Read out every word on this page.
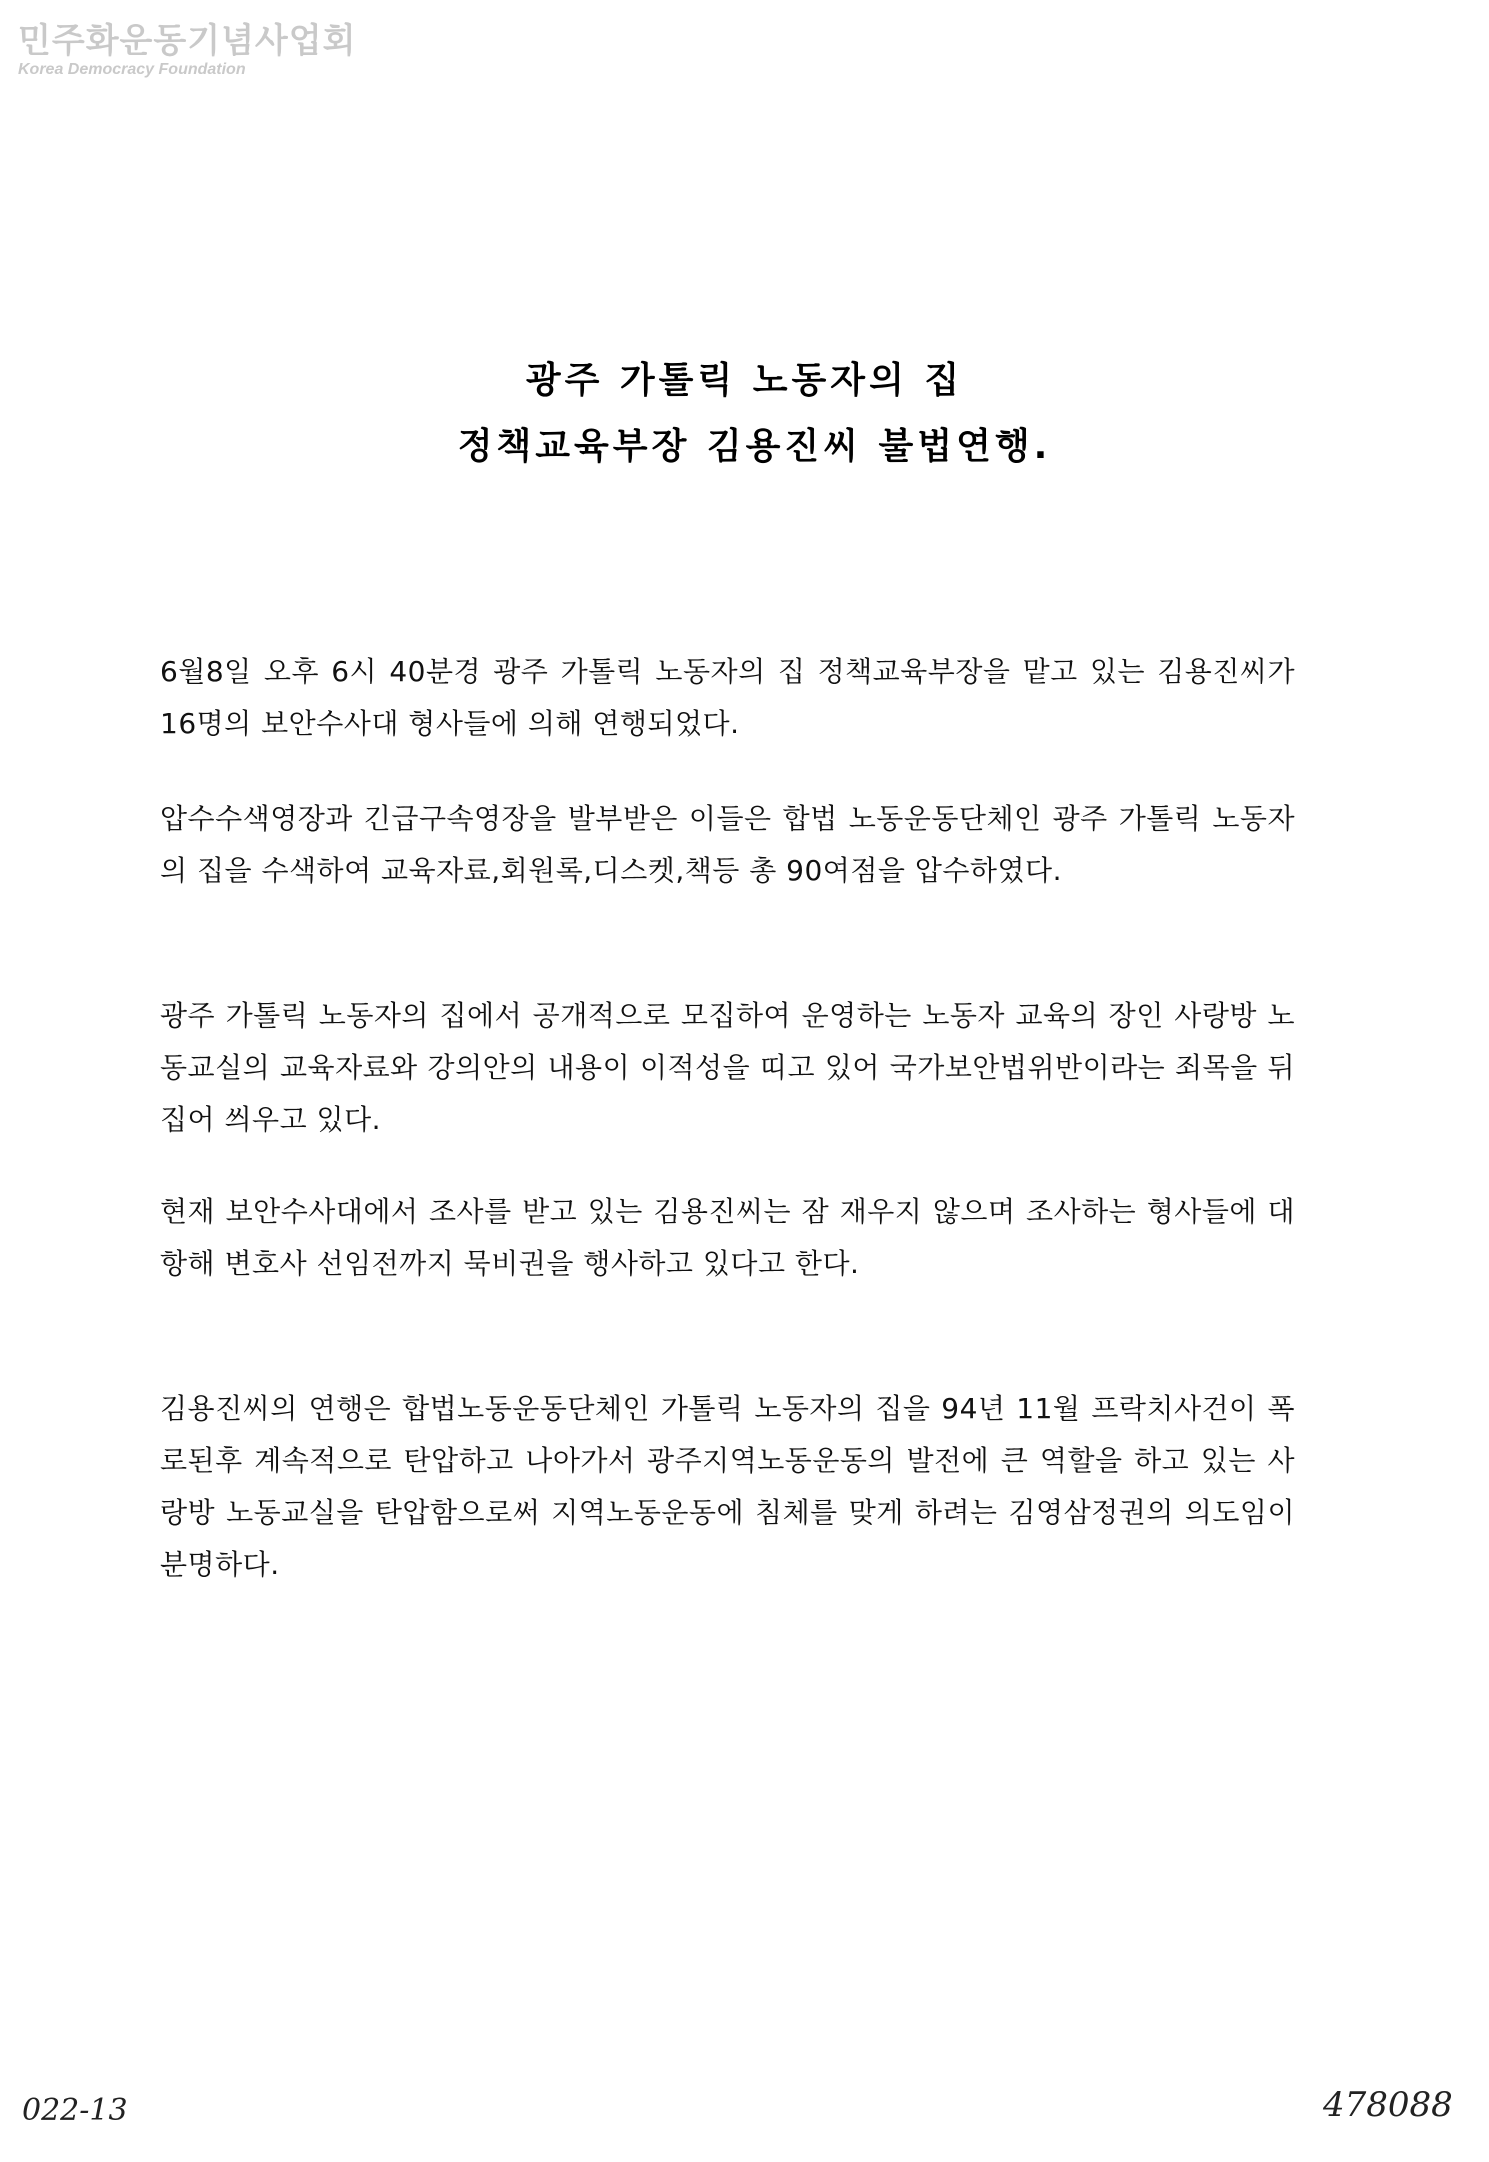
민주화운동기념사업회
Korea Democracy Foundation
광주 가톨릭 노동자의 집
정책교육부장 김용진씨 불법연행.
6월8일 오후 6시 40분경 광주 가톨릭 노동자의 집 정책교육부장을 맡고 있는 김용진씨가 16명의 보안수사대 형사들에 의해 연행되었다.
압수수색영장과 긴급구속영장을 발부받은 이들은 합법 노동운동단체인 광주 가톨릭 노동자의 집을 수색하여 교육자료,회원록,디스켓,책등 총 90여점을 압수하였다.
광주 가톨릭 노동자의 집에서 공개적으로 모집하여 운영하는 노동자 교육의 장인 사랑방 노동교실의 교육자료와 강의안의 내용이 이적성을 띠고 있어 국가보안법위반이라는 죄목을 뒤집어 씌우고 있다.
현재 보안수사대에서 조사를 받고 있는 김용진씨는 잠 재우지 않으며 조사하는 형사들에 대항해 변호사 선임전까지 묵비권을 행사하고 있다고 한다.
김용진씨의 연행은 합법노동운동단체인 가톨릭 노동자의 집을 94년 11월 프락치사건이 폭로된후 계속적으로 탄압하고 나아가서 광주지역노동운동의 발전에 큰 역할을 하고 있는 사랑방 노동교실을 탄압함으로써 지역노동운동에 침체를 맞게 하려는 김영삼정권의 의도임이 분명하다.
022-13	478088
